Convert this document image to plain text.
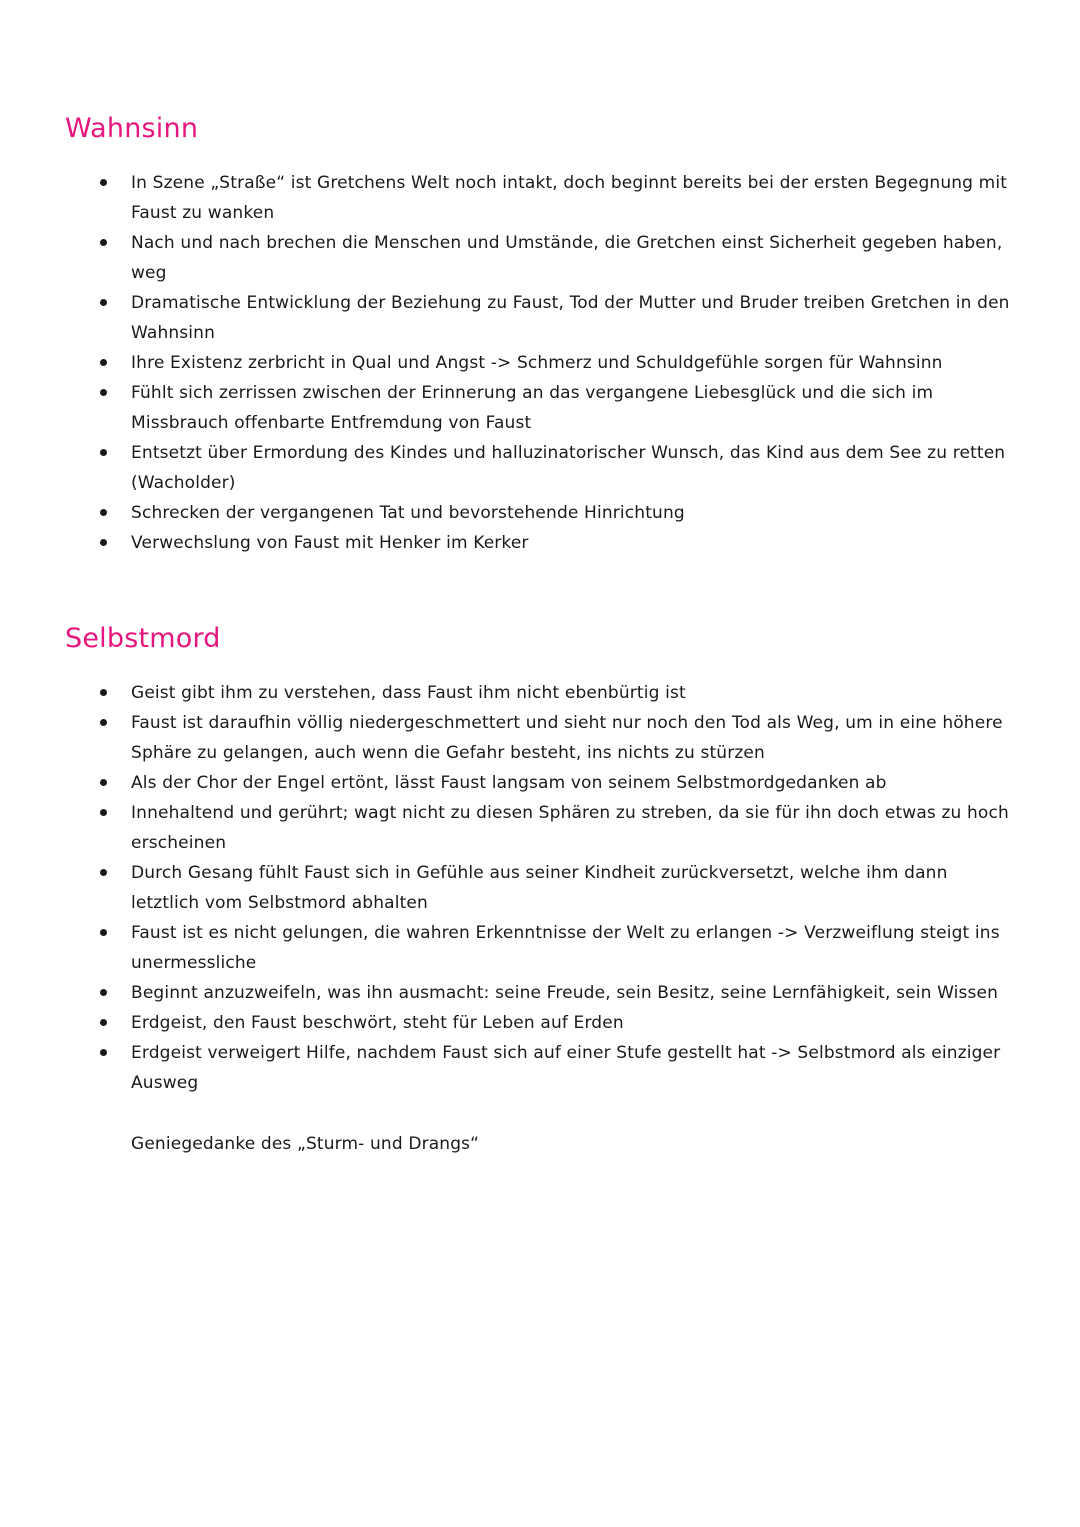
Wahnsinn
In Szene „Straße“ ist Gretchens Welt noch intakt, doch beginnt bereits bei der ersten Begegnung mit Faust zu wanken
Nach und nach brechen die Menschen und Umstände, die Gretchen einst Sicherheit gegeben haben, weg
Dramatische Entwicklung der Beziehung zu Faust, Tod der Mutter und Bruder treiben Gretchen in den Wahnsinn
Ihre Existenz zerbricht in Qual und Angst -> Schmerz und Schuldgefühle sorgen für Wahnsinn
Fühlt sich zerrissen zwischen der Erinnerung an das vergangene Liebesglück und die sich im Missbrauch offenbarte Entfremdung von Faust
Entsetzt über Ermordung des Kindes und halluzinatorischer Wunsch, das Kind aus dem See zu retten (Wacholder)
Schrecken der vergangenen Tat und bevorstehende Hinrichtung
Verwechslung von Faust mit Henker im Kerker
Selbstmord
Geist gibt ihm zu verstehen, dass Faust ihm nicht ebenbürtig ist
Faust ist daraufhin völlig niedergeschmettert und sieht nur noch den Tod als Weg, um in eine höhere Sphäre zu gelangen, auch wenn die Gefahr besteht, ins nichts zu stürzen
Als der Chor der Engel ertönt, lässt Faust langsam von seinem Selbstmordgedanken ab
Innehaltend und gerührt; wagt nicht zu diesen Sphären zu streben, da sie für ihn doch etwas zu hoch erscheinen
Durch Gesang fühlt Faust sich in Gefühle aus seiner Kindheit zurückversetzt, welche ihm dann letztlich vom Selbstmord abhalten
Faust ist es nicht gelungen, die wahren Erkenntnisse der Welt zu erlangen -> Verzweiflung steigt ins unermessliche
Beginnt anzuzweifeln, was ihn ausmacht: seine Freude, sein Besitz, seine Lernfähigkeit, sein Wissen
Erdgeist, den Faust beschwört, steht für Leben auf Erden
Erdgeist verweigert Hilfe, nachdem Faust sich auf einer Stufe gestellt hat -> Selbstmord als einziger Ausweg

Geniegedanke des „Sturm- und Drangs“
